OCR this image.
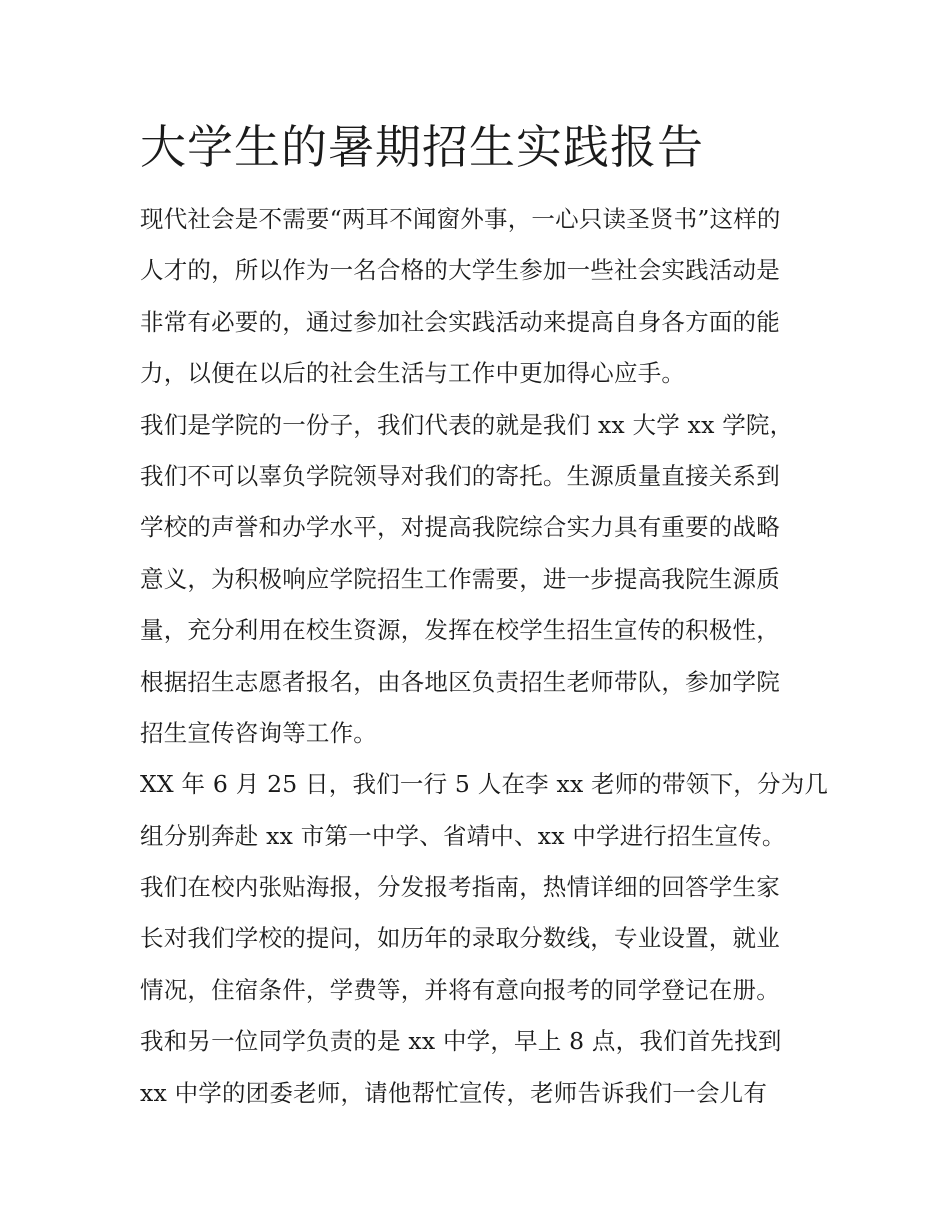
大学生的暑期招生实践报告
现代社会是不需要“两耳不闻窗外事，一心只读圣贤书”这样的
人才的，所以作为一名合格的大学生参加一些社会实践活动是
非常有必要的，通过参加社会实践活动来提高自身各方面的能
力，以便在以后的社会生活与工作中更加得心应手。
我们是学院的一份子，我们代表的就是我们 xx 大学 xx 学院，
我们不可以辜负学院领导对我们的寄托。生源质量直接关系到
学校的声誉和办学水平，对提高我院综合实力具有重要的战略
意义，为积极响应学院招生工作需要，进一步提高我院生源质
量，充分利用在校生资源，发挥在校学生招生宣传的积极性，
根据招生志愿者报名，由各地区负责招生老师带队，参加学院
招生宣传咨询等工作。
XX 年 6 月 25 日，我们一行 5 人在李 xx 老师的带领下，分为几
组分别奔赴 xx 市第一中学、省靖中、xx 中学进行招生宣传。
我们在校内张贴海报，分发报考指南，热情详细的回答学生家
长对我们学校的提问，如历年的录取分数线，专业设置，就业
情况，住宿条件，学费等，并将有意向报考的同学登记在册。
我和另一位同学负责的是 xx 中学，早上 8 点，我们首先找到
xx 中学的团委老师，请他帮忙宣传，老师告诉我们一会儿有
